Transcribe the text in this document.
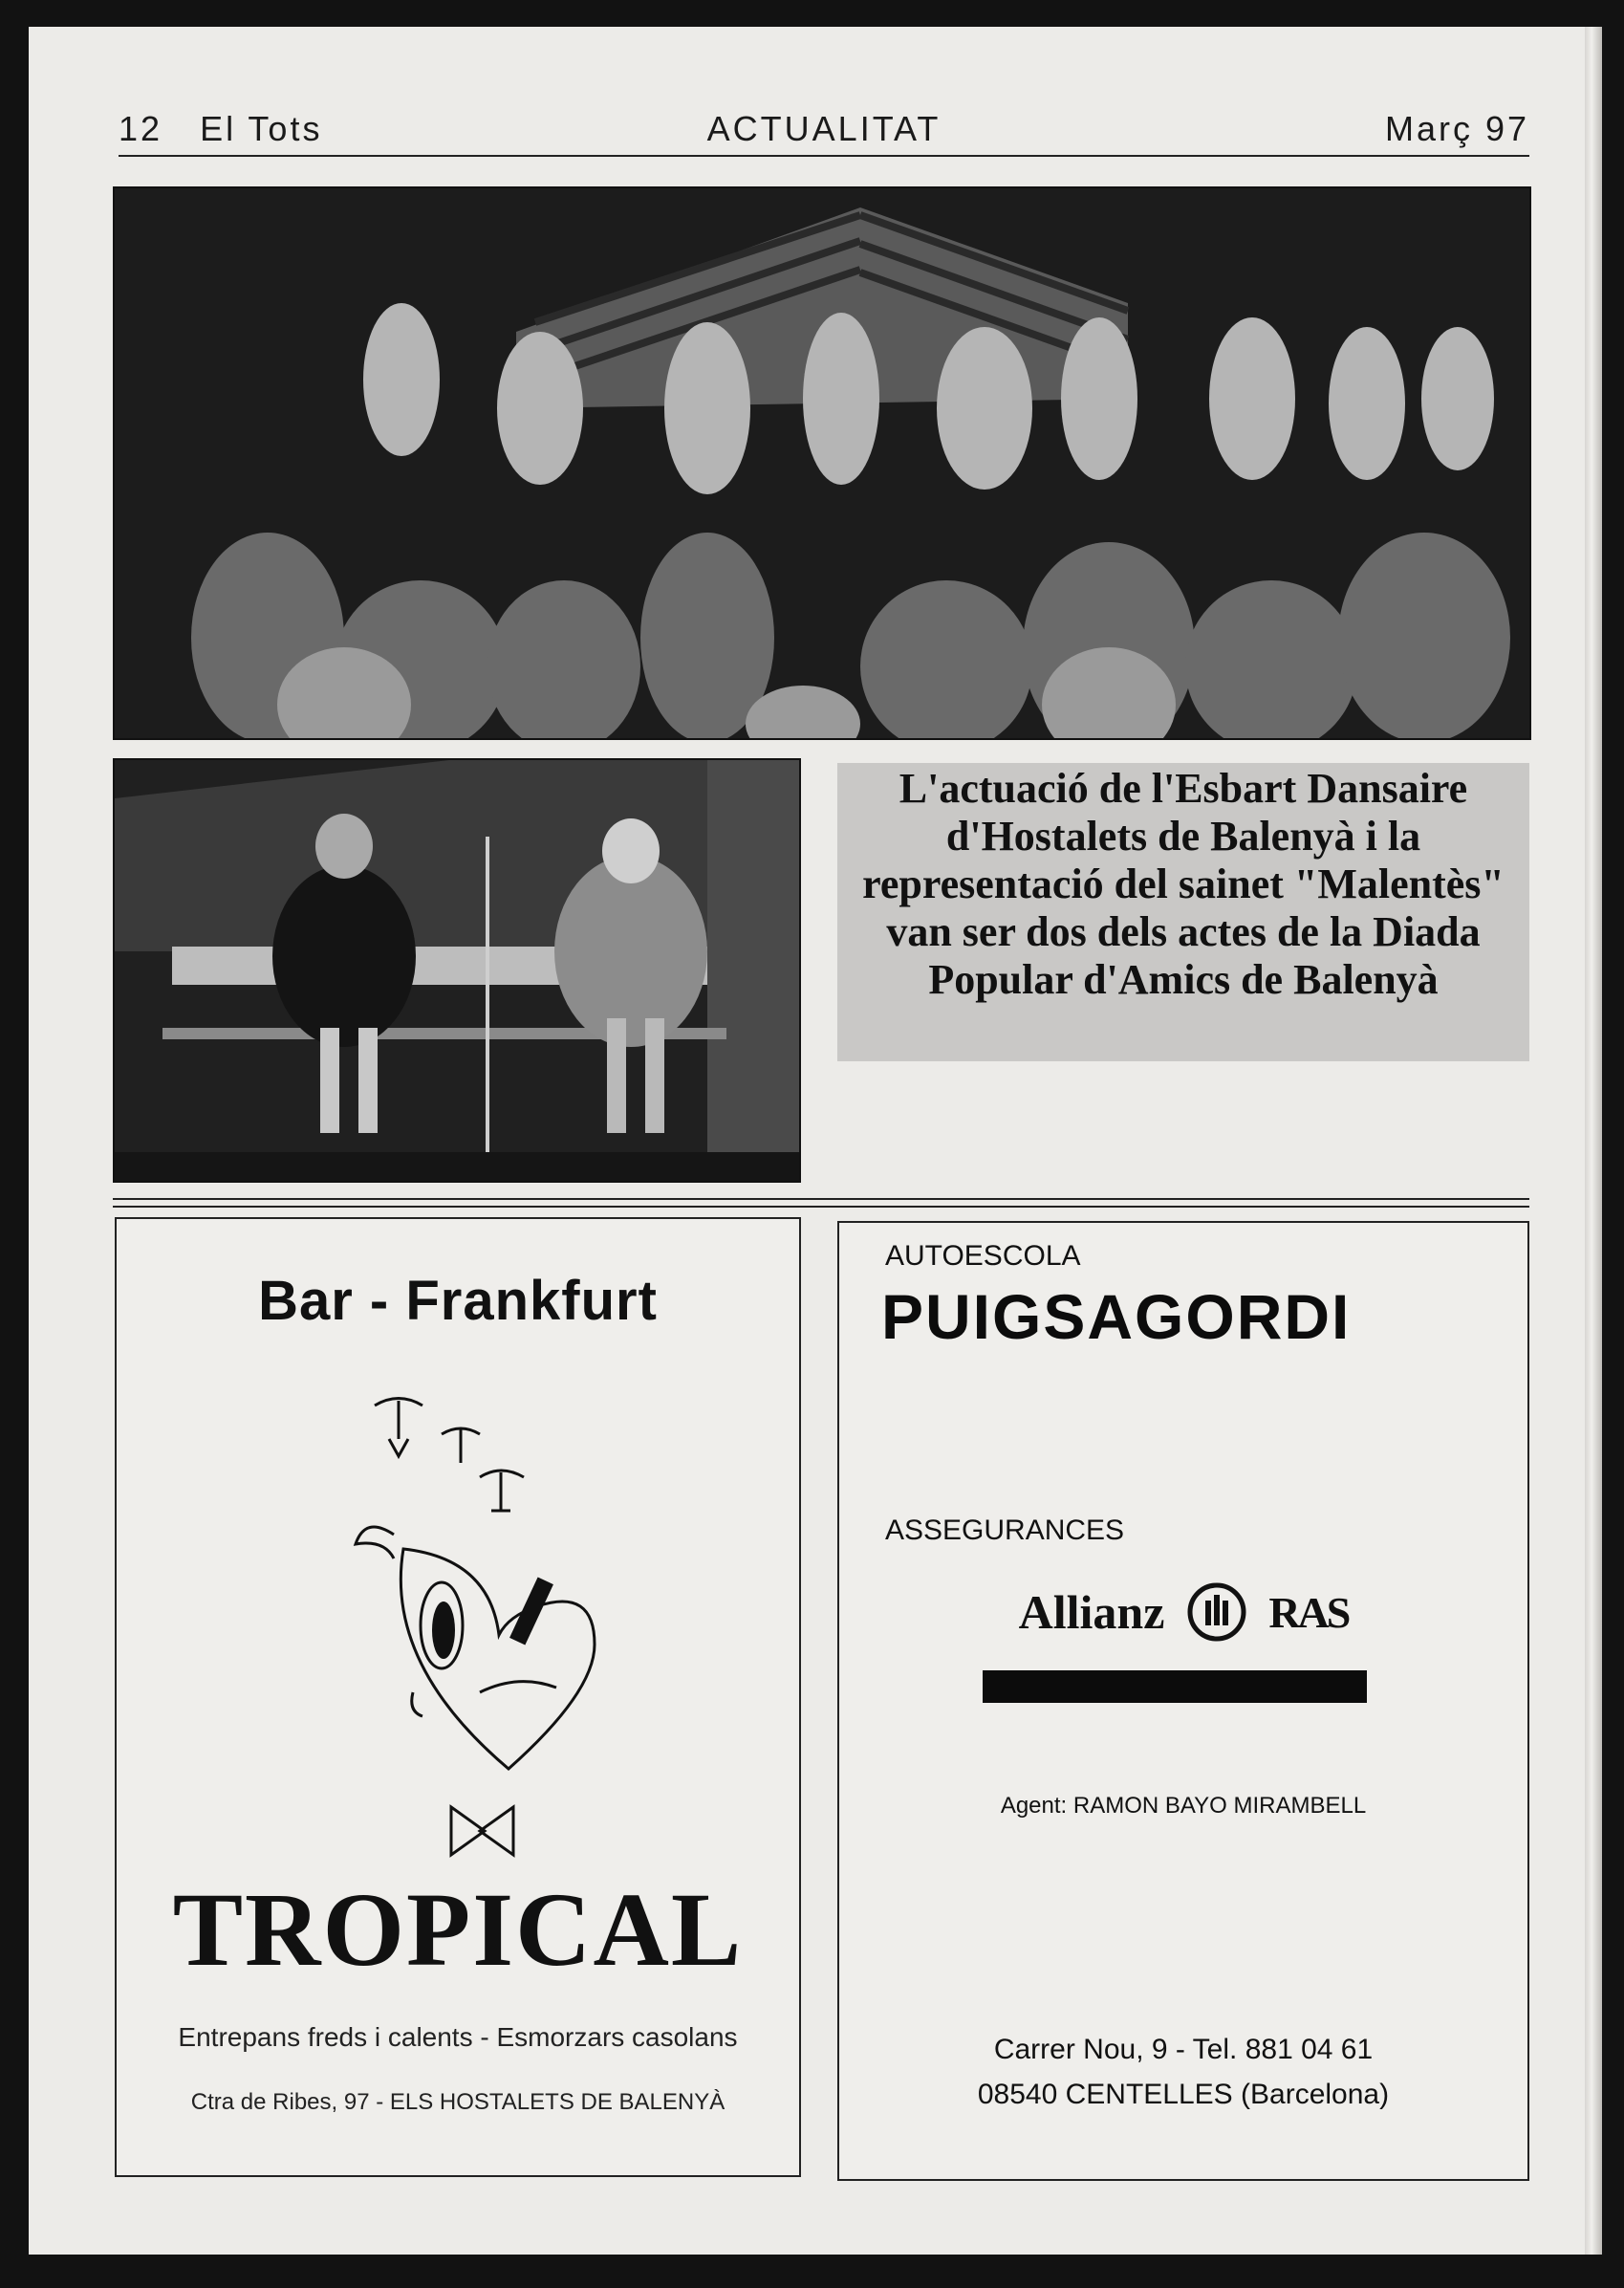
12 El Tots	ACTUALITAT	Març 97
L'actuació de l'Esbart Dansaire d'Hostalets de Balenyà i la representació del sainet "Malentès" van ser dos dels actes de la Diada Popular d'Amics de Balenyà
Bar - Frankfurt
TROPICAL
Entrepans freds i calents - Esmorzars casolans
Ctra de Ribes, 97 - ELS HOSTALETS DE BALENYÀ
AUTOESCOLA
PUIGSAGORDI
ASSEGURANCES
Allianz RAS
Agent: RAMON BAYO MIRAMBELL
Carrer Nou, 9 - Tel. 881 04 61
08540 CENTELLES (Barcelona)
